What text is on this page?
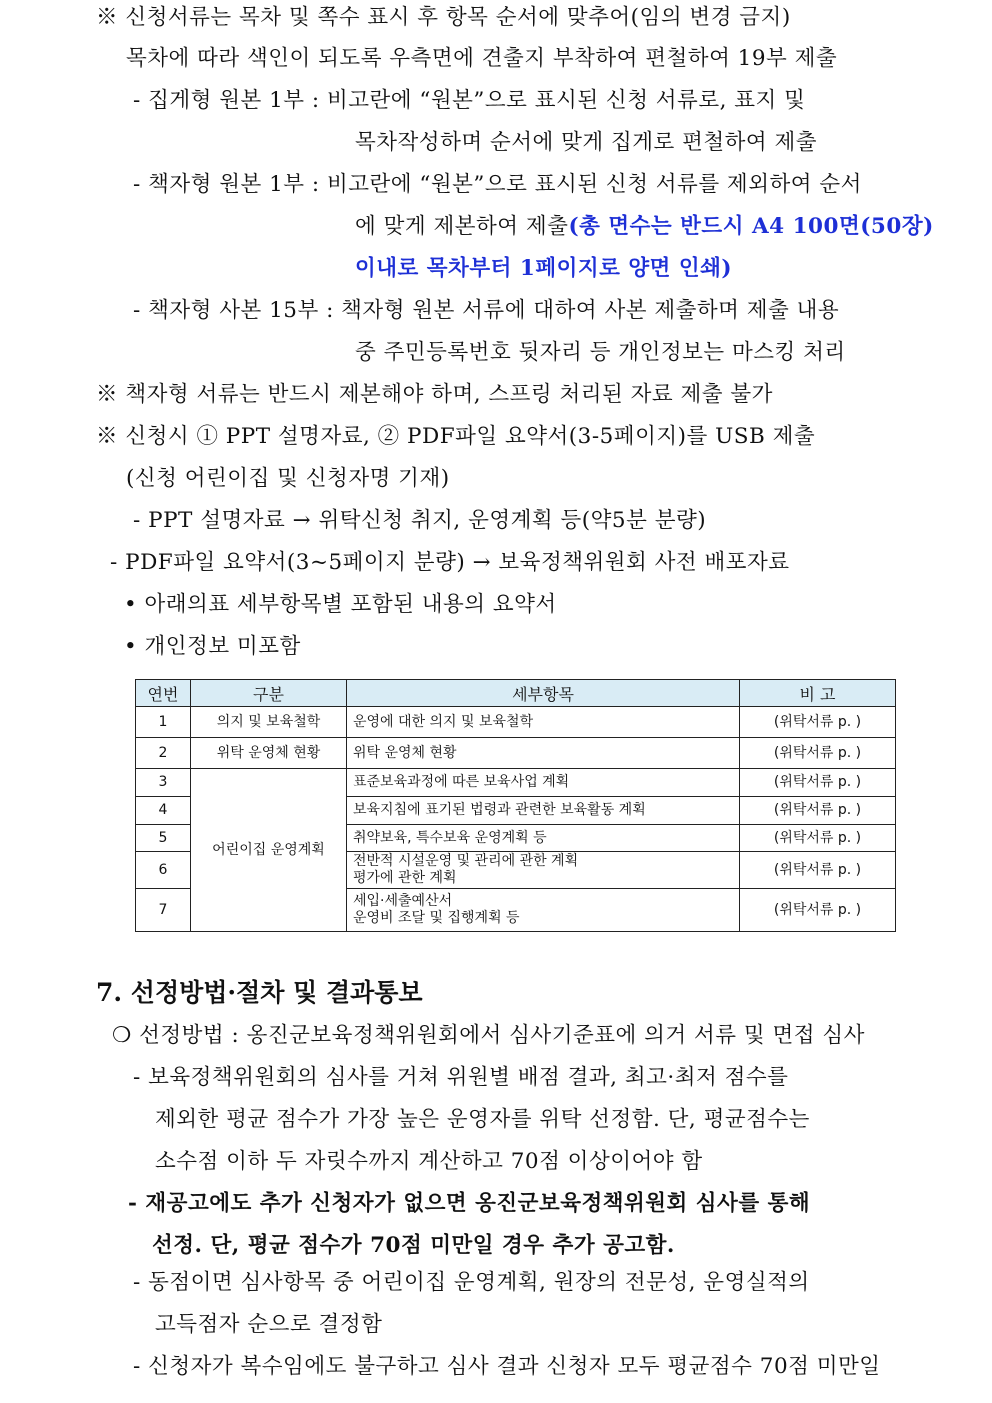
※ 신청서류는 목차 및 쪽수 표시 후 항목 순서에 맞추어(임의 변경 금지)
목차에 따라 색인이 되도록 우측면에 견출지 부착하여 편철하여 19부 제출
- 집게형 원본 1부 : 비고란에 “원본”으로 표시된 신청 서류로, 표지 및
목차작성하며 순서에 맞게 집게로 편철하여 제출
- 책자형 원본 1부 : 비고란에 “원본”으로 표시된 신청 서류를 제외하여 순서
에 맞게 제본하여 제출(총 면수는 반드시 A4 100면(50장)
이내로 목차부터 1페이지로 양면 인쇄)
- 책자형 사본 15부 : 책자형 원본 서류에 대하여 사본 제출하며 제출 내용
중 주민등록번호 뒷자리 등 개인정보는 마스킹 처리
※ 책자형 서류는 반드시 제본해야 하며, 스프링 처리된 자료 제출 불가
※ 신청시 ① PPT 설명자료, ② PDF파일 요약서(3-5페이지)를 USB 제출
(신청 어린이집 및 신청자명 기재)
- PPT 설명자료 → 위탁신청 취지, 운영계획 등(약5분 분량)
- PDF파일 요약서(3~5페이지 분량) → 보육정책위원회 사전 배포자료
• 아래의표 세부항목별 포함된 내용의 요약서
• 개인정보 미포함
연번	구분	세부항목	비 고
1	의지 및 보육철학	운영에 대한 의지 및 보육철학	(위탁서류 p. )
2	위탁 운영체 현황	위탁 운영체 현황	(위탁서류 p. )
3	어린이집 운영계획	표준보육과정에 따른 보육사업 계획	(위탁서류 p. )
4		보육지침에 표기된 법령과 관련한 보육활동 계획	(위탁서류 p. )
5		취약보육, 특수보육 운영계획 등	(위탁서류 p. )
6		전반적 시설운영 및 관리에 관한 계획
평가에 관한 계획	(위탁서류 p. )
7		세입·세출예산서
운영비 조달 및 집행계획 등	(위탁서류 p. )
7. 선정방법·절차 및 결과통보
❍ 선정방법 : 옹진군보육정책위원회에서 심사기준표에 의거 서류 및 면접 심사
- 보육정책위원회의 심사를 거쳐 위원별 배점 결과, 최고·최저 점수를
제외한 평균 점수가 가장 높은 운영자를 위탁 선정함. 단, 평균점수는
소수점 이하 두 자릿수까지 계산하고 70점 이상이어야 함
- 재공고에도 추가 신청자가 없으면 옹진군보육정책위원회 심사를 통해
선정. 단, 평균 점수가 70점 미만일 경우 추가 공고함.
- 동점이면 심사항목 중 어린이집 운영계획, 원장의 전문성, 운영실적의
고득점자 순으로 결정함
- 신청자가 복수임에도 불구하고 심사 결과 신청자 모두 평균점수 70점 미만일
